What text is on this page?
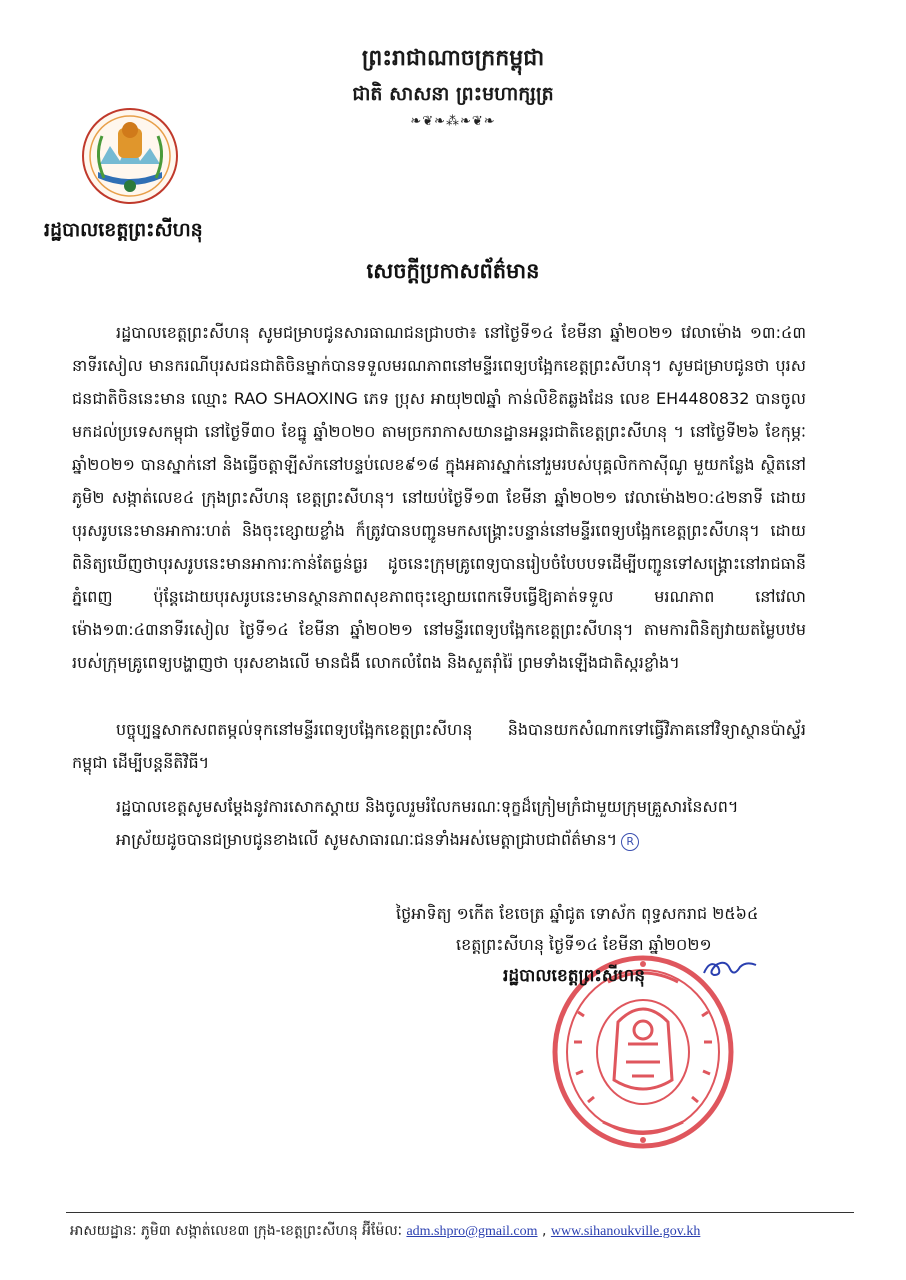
ព្រះរាជាណាចក្រកម្ពុជា
ជាតិ សាសនា ព្រះមហាក្សត្រ
❧❦❧⁂❧❦❧
រដ្ឋបាលខេត្តព្រះសីហនុ
សេចក្តីប្រកាសព័ត៌មាន
រដ្ឋបាលខេត្តព្រះសីហនុ សូមជម្រាបជូនសារធាណជនជ្រាបថា៖ នៅថ្ងៃទី១៤ ខែមីនា ឆ្នាំ២០២១ វេលាម៉ោង ១៣:៤៣ នាទីរសៀល មានករណីបុរសជនជាតិចិនម្នាក់បានទទួលមរណភាពនៅមន្ទីរពេទ្យបង្អែកខេត្តព្រះសីហនុ។ សូមជម្រាបជូនថា បុរសជនជាតិចិននេះមាន ឈ្មោះ RAO SHAOXING ភេទ ប្រុស អាយុ២៧ឆ្នាំ កាន់លិខិតឆ្លងដែន លេខ EH4480832 បានចូលមកដល់ប្រទេសកម្ពុជា នៅថ្ងៃទី៣០ ខែធ្នូ ឆ្នាំ២០២០ តាមច្រករាកាសយានដ្ឋានអន្តរជាតិខេត្តព្រះសីហនុ ។ នៅថ្ងៃទី២៦ ខែកុម្ភៈ ឆ្នាំ២០២១ បានស្នាក់នៅ និងធ្វើចត្តាឡីស័កនៅបន្ទប់លេខ៩១៨ ក្នុងអគារស្នាក់នៅរួមរបស់បុគ្គលិកកាស៊ីណូ មួយកន្លែង ស្ថិតនៅភូមិ២ សង្កាត់លេខ៤ ក្រុងព្រះសីហនុ ខេត្តព្រះសីហនុ។ នៅយប់ថ្ងៃទី១៣ ខែមីនា ឆ្នាំ២០២១ វេលាម៉ោង២០:៤២នាទី ដោយបុរសរូបនេះមានអាការៈហត់ និងចុះខ្សោយខ្លាំង ក៏ត្រូវបានបញ្ជូនមកសង្គ្រោះបន្ទាន់នៅមន្ទីរពេទ្យបង្អែកខេត្តព្រះសីហនុ។ ដោយពិនិត្យឃើញថាបុរសរូបនេះមានអាការៈកាន់តែធ្ងន់ធ្ងរ ដូចនេះក្រុមគ្រូពេទ្យបានរៀបចំបែបបទដើម្បីបញ្ជូនទៅសង្គ្រោះនៅរាជធានីភ្នំពេញ ប៉ុន្តែដោយបុរសរូបនេះមានស្ថានភាពសុខភាពចុះខ្សោយពេកទើបធ្វើឱ្យគាត់ទទួល មរណភាព នៅវេលាម៉ោង១៣:៤៣នាទីរសៀល ថ្ងៃទី១៤ ខែមីនា ឆ្នាំ២០២១ នៅមន្ទីរពេទ្យបង្អែកខេត្តព្រះសីហនុ។ តាមការពិនិត្យវាយតម្លៃបឋមរបស់ក្រុមគ្រូពេទ្យបង្ហាញថា បុរសខាងលើ មានជំងឺ លោកលំពែង និងសួតរ៉ាំរ៉ៃ ព្រមទាំងឡើងជាតិស្ករខ្លាំង។
បច្ចុប្បន្នសាកសពតម្កល់ទុកនៅមន្ទីរពេទ្យបង្អែកខេត្តព្រះសីហនុ និងបានយកសំណាកទៅធ្វើវិភាគនៅវិទ្យាស្ថានប៉ាស្ទ័រកម្ពុជា ដើម្បីបន្តនីតិវិធី។
រដ្ឋបាលខេត្តសូមសម្តែងនូវការសោកស្តាយ និងចូលរួមរំលែកមរណៈទុក្ខដ៏ក្រៀមក្រំជាមួយក្រុមគ្រួសារនៃសព។
អាស្រ័យដូចបានជម្រាបជូនខាងលើ សូមសាធារណៈជនទាំងអស់មេត្តាជ្រាបជាព័ត៌មាន។ R
ថ្ងៃអាទិត្យ ១កើត ខែចេត្រ ឆ្នាំជូត ទោស័ក ពុទ្ធសករាជ ២៥៦៤
ខេត្តព្រះសីហនុ ថ្ងៃទី១៤ ខែមីនា ឆ្នាំ២០២១
រដ្ឋបាលខេត្តព្រះសីហនុ
អាសយដ្ឋានៈ ភូមិ៣ សង្កាត់លេខ៣ ក្រុង-ខេត្តព្រះសីហនុ អ៊ីម៉ែលៈ adm.shpro@gmail.com , www.sihanoukville.gov.kh
